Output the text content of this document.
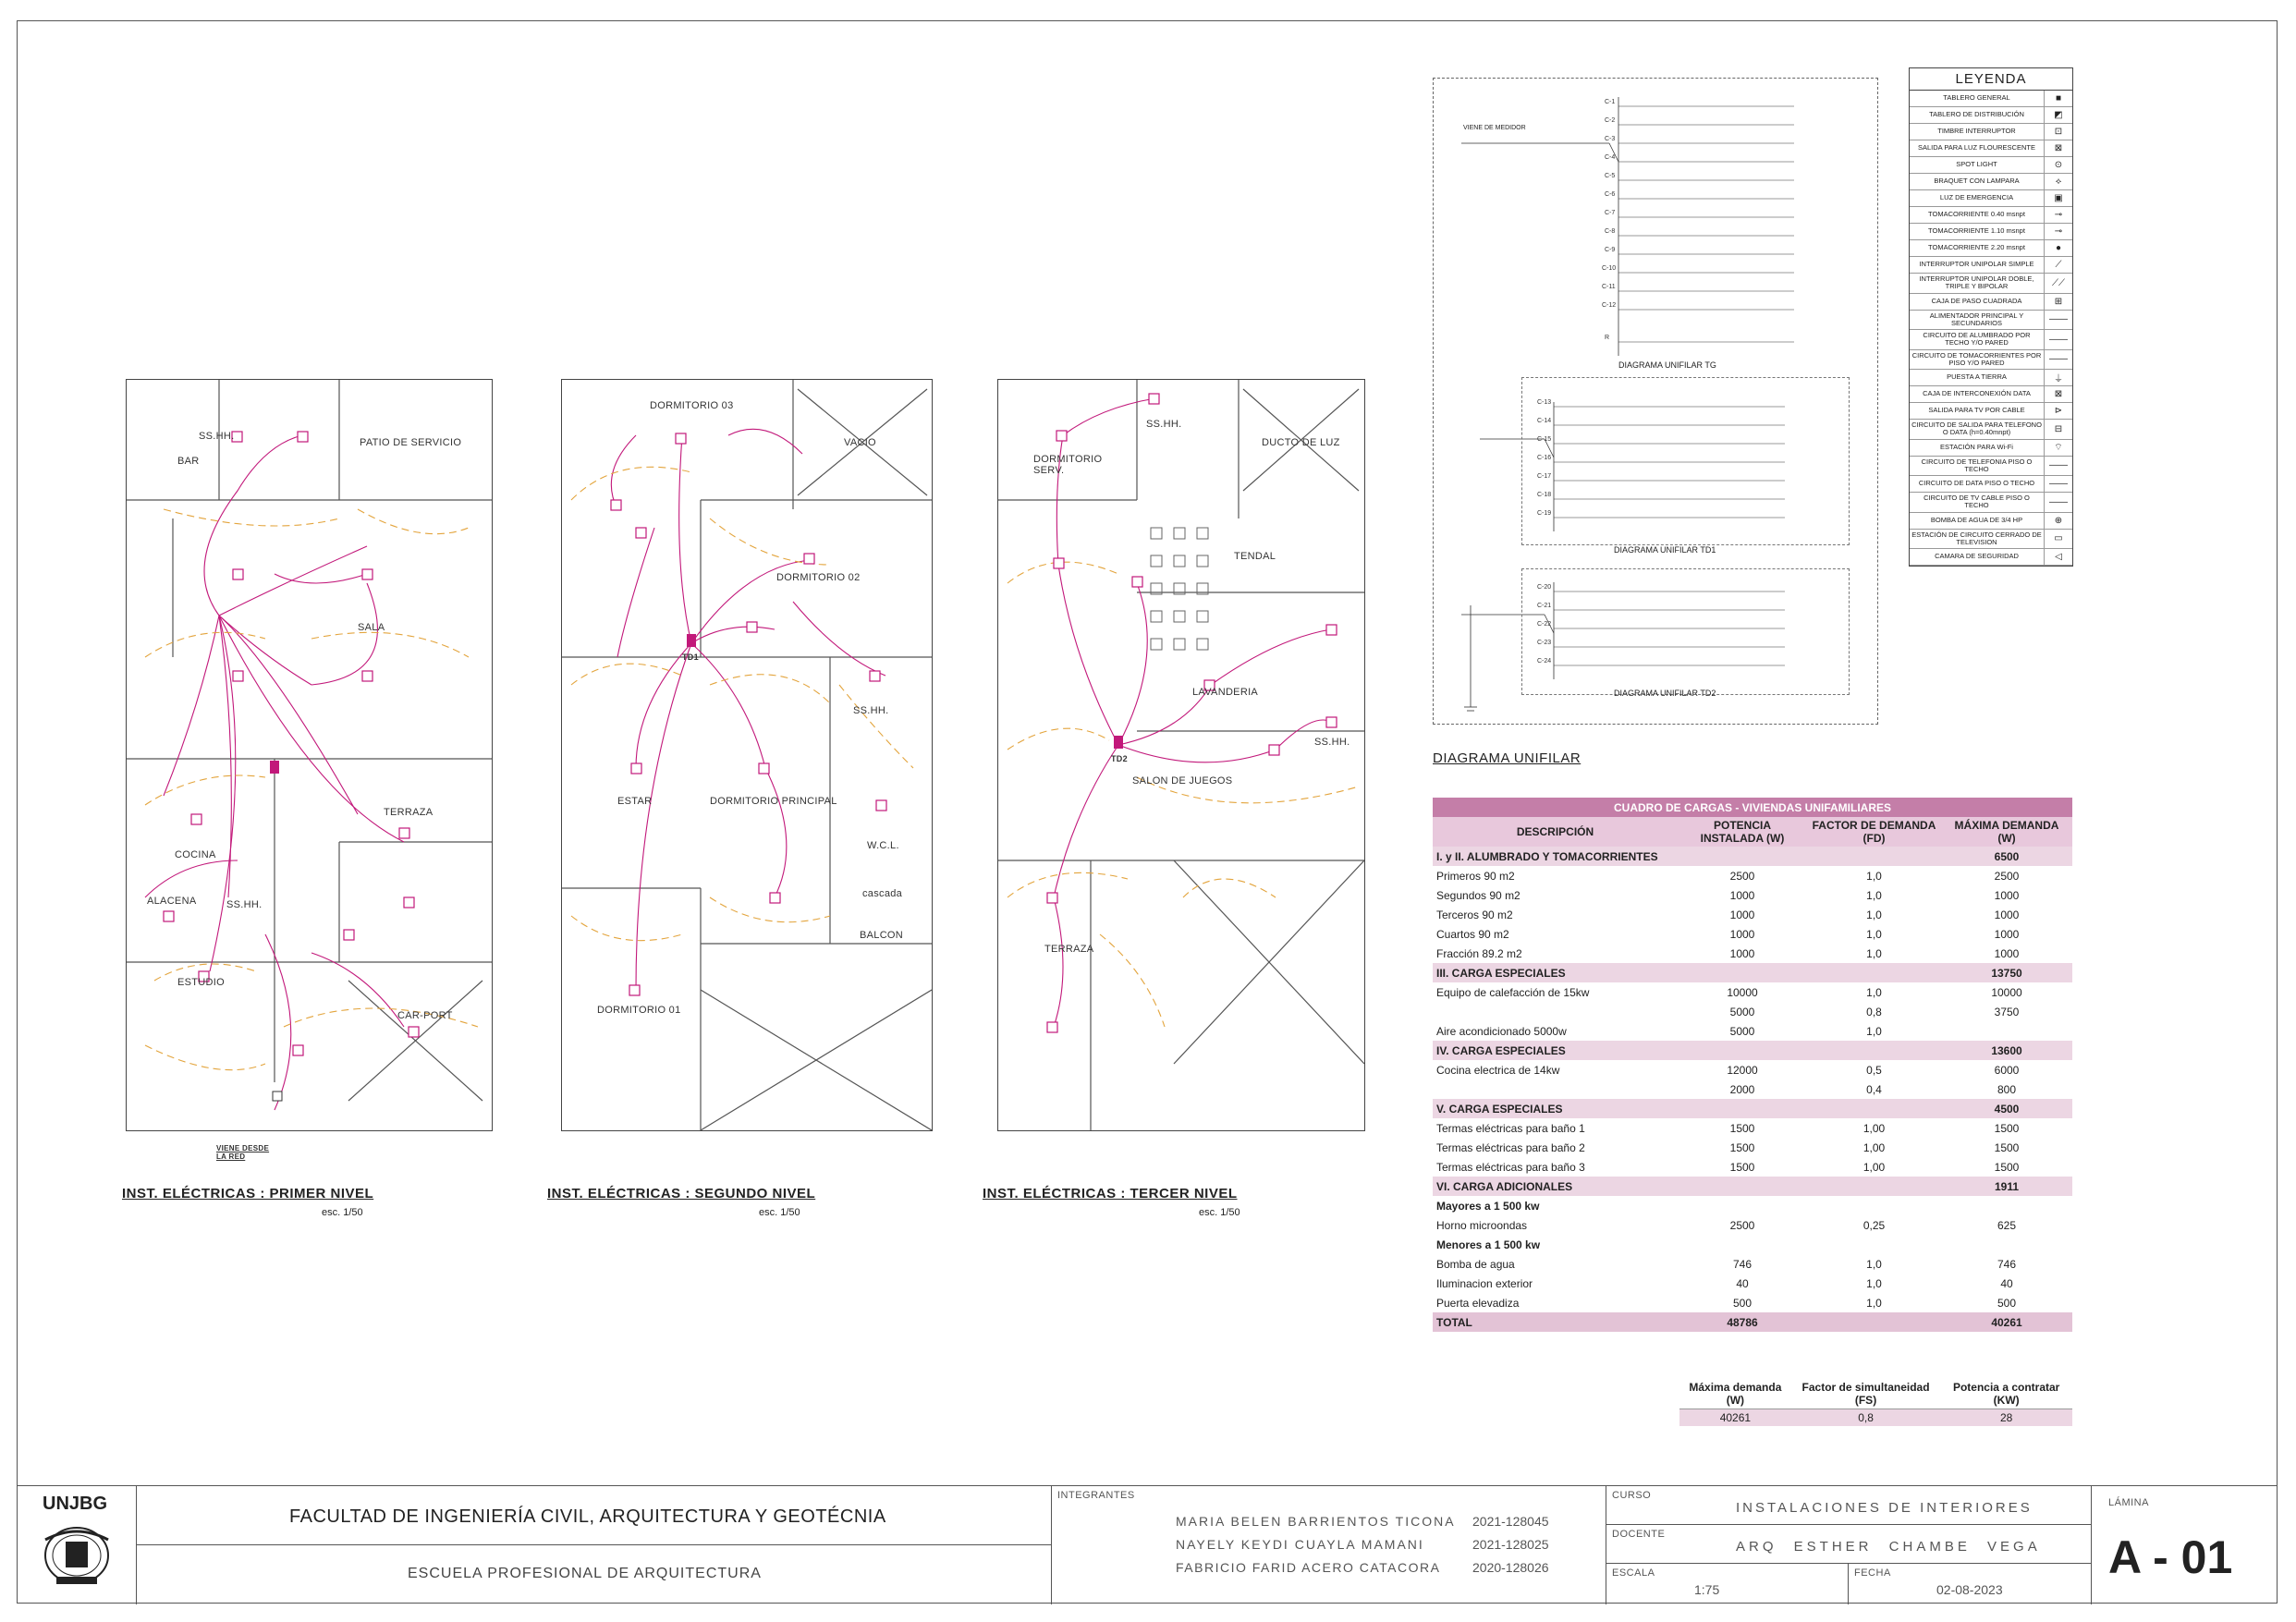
SS.HH.
BAR
PATIO DE SERVICIO
SALA
TERRAZA
COCINA
ALACENA	SS.HH.
ESTUDIO
CAR-PORT
VIENE DESDE LA RED
INST. ELÉCTRICAS : PRIMER NIVEL
esc. 1/50
DORMITORIO 03
VACIO
DORMITORIO 02
SS.HH.
ESTAR	DORMITORIO PRINCIPAL
W.C.L.
BALCON
DORMITORIO 01
cascada
TD1
INST. ELÉCTRICAS : SEGUNDO NIVEL
esc. 1/50
SS.HH.
DORMITORIO SERV.
DUCTO DE LUZ
TENDAL
LAVANDERIA
SS.HH.
SALON DE JUEGOS
TERRAZA
TD2
INST. ELÉCTRICAS : TERCER NIVEL
esc. 1/50
VIENE DE MEDIDOR
DIAGRAMA UNIFILAR TG
DIAGRAMA UNIFILAR TD1
DIAGRAMA UNIFILAR TD2
C-1
C-2
C-3
C-4
C-5
C-6
C-7
C-8
C-9
C-10
C-11
C-12
R
C-13
C-14
C-15
C-16
C-17
C-18
C-19
C-20
C-21
C-22
C-23
C-24
LEYENDA
TABLERO GENERAL	■
TABLERO DE DISTRIBUCIÓN	◩
TIMBRE INTERRUPTOR	⊡
SALIDA PARA LUZ FLOURESCENTE	⊠
SPOT LIGHT	⊙
BRAQUET CON LAMPARA	⟡
LUZ DE EMERGENCIA	▣
TOMACORRIENTE 0.40 msnpt	⊸
TOMACORRIENTE 1.10 msnpt	⊸
TOMACORRIENTE 2.20 msnpt	●
INTERRUPTOR UNIPOLAR SIMPLE	⟋
INTERRUPTOR UNIPOLAR DOBLE, TRIPLE Y BIPOLAR	⟋⟋
CAJA DE PASO CUADRADA	⊞
ALIMENTADOR PRINCIPAL Y SECUNDARIOS	——
CIRCUITO DE ALUMBRADO POR TECHO Y/O PARED	——
CIRCUITO DE TOMACORRIENTES POR PISO Y/O PARED	——
PUESTA A TIERRA	⏚
CAJA DE INTERCONEXIÓN DATA	⊠
SALIDA PARA TV POR CABLE	⊳
CIRCUITO DE SALIDA PARA TELEFONO O DATA (h=0.40mnpt)	⊟
ESTACIÓN PARA Wi-Fi	⌔
CIRCUITO DE TELEFONIA PISO O TECHO	——
CIRCUITO DE DATA PISO O TECHO	——
CIRCUITO DE TV CABLE PISO O TECHO	——
BOMBA DE AGUA DE 3/4 HP	⊕
ESTACIÓN DE CIRCUITO CERRADO DE TELEVISION	▭
CAMARA DE SEGURIDAD	◁
DIAGRAMA UNIFILAR
CUADRO DE CARGAS - VIVIENDAS UNIFAMILIARES			
DESCRIPCIÓN	POTENCIA INSTALADA (W)	FACTOR DE DEMANDA (FD)	MÁXIMA DEMANDA (W)
I. y II. ALUMBRADO Y TOMACORRIENTES			6500
Primeros 90 m2	2500	1,0	2500
Segundos 90 m2	1000	1,0	1000
Terceros 90 m2	1000	1,0	1000
Cuartos 90 m2	1000	1,0	1000
Fracción 89.2 m2	1000	1,0	1000
III. CARGA ESPECIALES			13750
Equipo de calefacción de 15kw	10000	1,0	10000
	5000	0,8	3750
Aire acondicionado 5000w	5000	1,0	
IV. CARGA ESPECIALES			13600
Cocina electrica de 14kw	12000	0,5	6000
	2000	0,4	800
V. CARGA ESPECIALES			4500
Termas eléctricas para baño 1	1500	1,00	1500
Termas eléctricas para baño 2	1500	1,00	1500
Termas eléctricas para baño 3	1500	1,00	1500
VI. CARGA ADICIONALES			1911
Mayores a 1 500 kw			
Horno microondas	2500	0,25	625
Menores a 1 500 kw			
Bomba de agua	746	1,0	746
Iluminacion exterior	40	1,0	40
Puerta elevadiza	500	1,0	500
TOTAL	48786		40261
Máxima demanda (W)	Factor de simultaneidad (FS)	Potencia a contratar (KW)
40261	0,8	28
UNJBG
FACULTAD DE INGENIERÍA CIVIL, ARQUITECTURA Y GEOTÉCNIA
ESCUELA PROFESIONAL DE ARQUITECTURA
INTEGRANTES
MARIA BELEN BARRIENTOS TICONA 2021-128045
NAYELY KEYDI CUAYLA MAMANI	2021-128025
FABRICIO FARID ACERO CATACORA 2020-128026
CURSO
INSTALACIONES DE INTERIORES
DOCENTE
ARQ ESTHER CHAMBE VEGA
ESCALA
1:75
FECHA
02-08-2023
LÁMINA
A - 01
